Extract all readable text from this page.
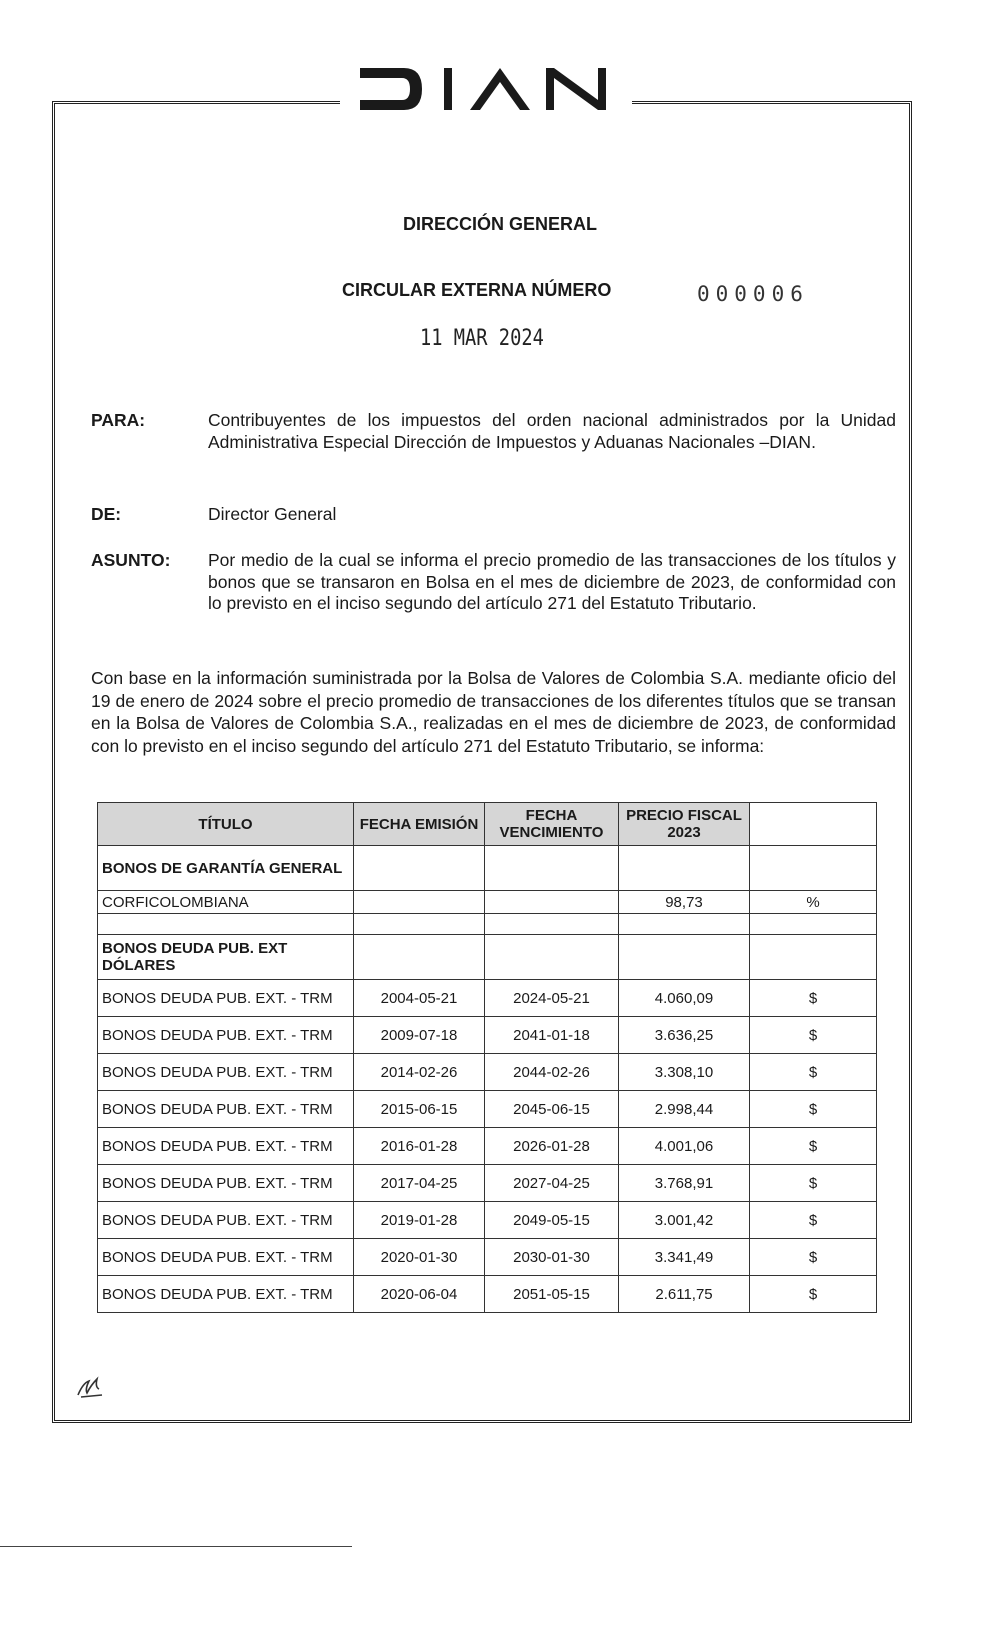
DIRECCIÓN GENERAL
CIRCULAR EXTERNA NÚMERO	000006
11 MAR 2024
PARA:	Contribuyentes de los impuestos del orden nacional administrados por la Unidad Administrativa Especial Dirección de Impuestos y Aduanas Nacionales –DIAN.
DE:	Director General
ASUNTO: Por medio de la cual se informa el precio promedio de las transacciones de los títulos y bonos que se transaron en Bolsa en el mes de diciembre de 2023, de conformidad con lo previsto en el inciso segundo del artículo 271 del Estatuto Tributario.
Con base en la información suministrada por la Bolsa de Valores de Colombia S.A. mediante oficio del 19 de enero de 2024 sobre el precio promedio de transacciones de los diferentes títulos que se transan en la Bolsa de Valores de Colombia S.A., realizadas en el mes de diciembre de 2023, de conformidad con lo previsto en el inciso segundo del artículo 271 del Estatuto Tributario, se informa:
TÍTULO	FECHA EMISIÓN	FECHA VENCIMIENTO	PRECIO FISCAL 2023	
BONOS DE GARANTÍA GENERAL				
CORFICOLOMBIANA			98,73	%

BONOS DEUDA PUB. EXT DÓLARES				
BONOS DEUDA PUB. EXT. - TRM	2004-05-21	2024-05-21	4.060,09	$
BONOS DEUDA PUB. EXT. - TRM	2009-07-18	2041-01-18	3.636,25	$
BONOS DEUDA PUB. EXT. - TRM	2014-02-26	2044-02-26	3.308,10	$
BONOS DEUDA PUB. EXT. - TRM	2015-06-15	2045-06-15	2.998,44	$
BONOS DEUDA PUB. EXT. - TRM	2016-01-28	2026-01-28	4.001,06	$
BONOS DEUDA PUB. EXT. - TRM	2017-04-25	2027-04-25	3.768,91	$
BONOS DEUDA PUB. EXT. - TRM	2019-01-28	2049-05-15	3.001,42	$
BONOS DEUDA PUB. EXT. - TRM	2020-01-30	2030-01-30	3.341,49	$
BONOS DEUDA PUB. EXT. - TRM	2020-06-04	2051-05-15	2.611,75	$
